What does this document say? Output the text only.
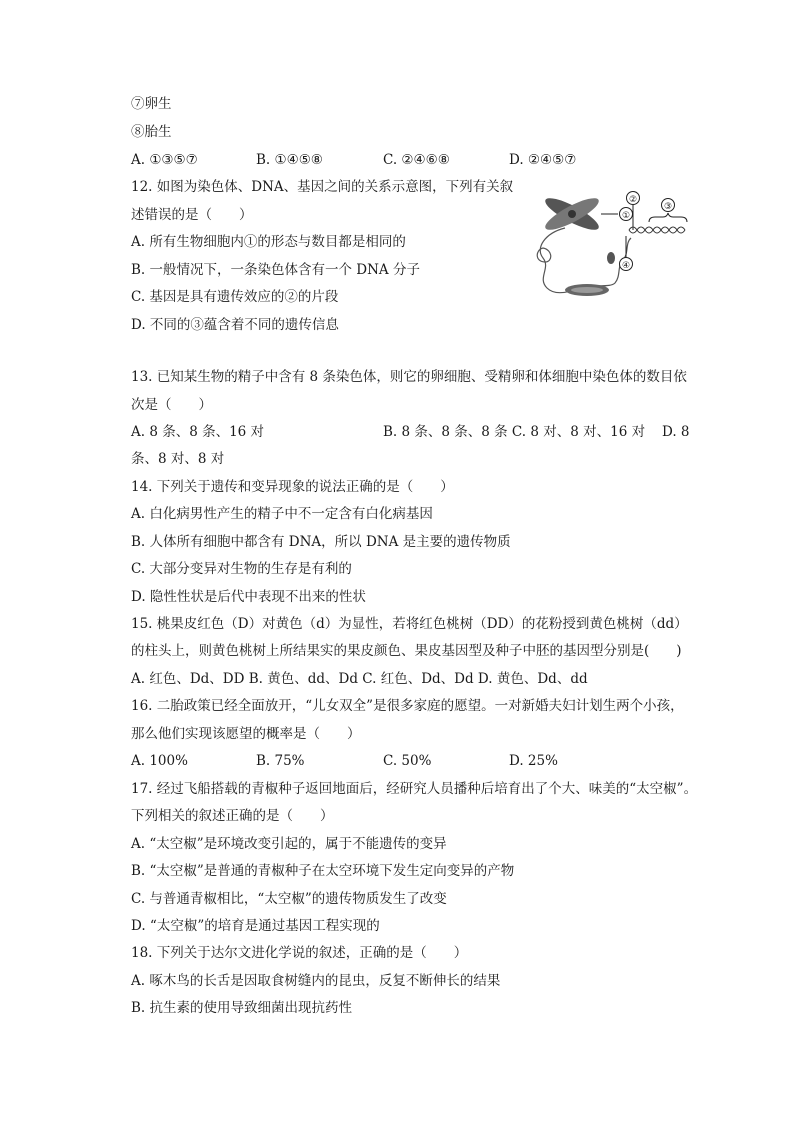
⑦卵生
⑧胎生
A. ①③⑤⑦	B. ①④⑤⑧	C. ②④⑥⑧	D. ②④⑤⑦
12. 如图为染色体、DNA、基因之间的关系示意图，下列有关叙
述错误的是（　　）
A. 所有生物细胞内①的形态与数目都是相同的
B. 一般情况下，一条染色体含有一个 DNA 分子
C. 基因是具有遗传效应的②的片段
D. 不同的③蕴含着不同的遗传信息
①
②
④
③
13. 已知某生物的精子中含有 8 条染色体，则它的卵细胞、受精卵和体细胞中染色体的数目依
次是（　　）
A. 8 条、8 条、16 对	B. 8 条、8 条、8 条 C. 8 对、8 对、16 对 D. 8
条、8 对、8 对
14. 下列关于遗传和变异现象的说法正确的是（　　）
A. 白化病男性产生的精子中不一定含有白化病基因
B. 人体所有细胞中都含有 DNA，所以 DNA 是主要的遗传物质
C. 大部分变异对生物的生存是有利的
D. 隐性性状是后代中表现不出来的性状
15. 桃果皮红色（D）对黄色（d）为显性，若将红色桃树（DD）的花粉授到黄色桃树（dd）
的柱头上，则黄色桃树上所结果实的果皮颜色、果皮基因型及种子中胚的基因型分别是(　　)
A. 红色、Dd、DD B. 黄色、dd、Dd C. 红色、Dd、Dd D. 黄色、Dd、dd
16. 二胎政策已经全面放开，“儿女双全”是很多家庭的愿望。一对新婚夫妇计划生两个小孩，
那么他们实现该愿望的概率是（　　）
A. 100%	B. 75%	C. 50%	D. 25%
17. 经过飞船搭载的青椒种子返回地面后，经研究人员播种后培育出了个大、味美的“太空椒”。
下列相关的叙述正确的是（　　）
A. “太空椒”是环境改变引起的，属于不能遗传的变异
B. “太空椒”是普通的青椒种子在太空环境下发生定向变异的产物
C. 与普通青椒相比，“太空椒”的遗传物质发生了改变
D. “太空椒”的培育是通过基因工程实现的
18. 下列关于达尔文进化学说的叙述，正确的是（　　）
A. 啄木鸟的长舌是因取食树缝内的昆虫，反复不断伸长的结果
B. 抗生素的使用导致细菌出现抗药性
